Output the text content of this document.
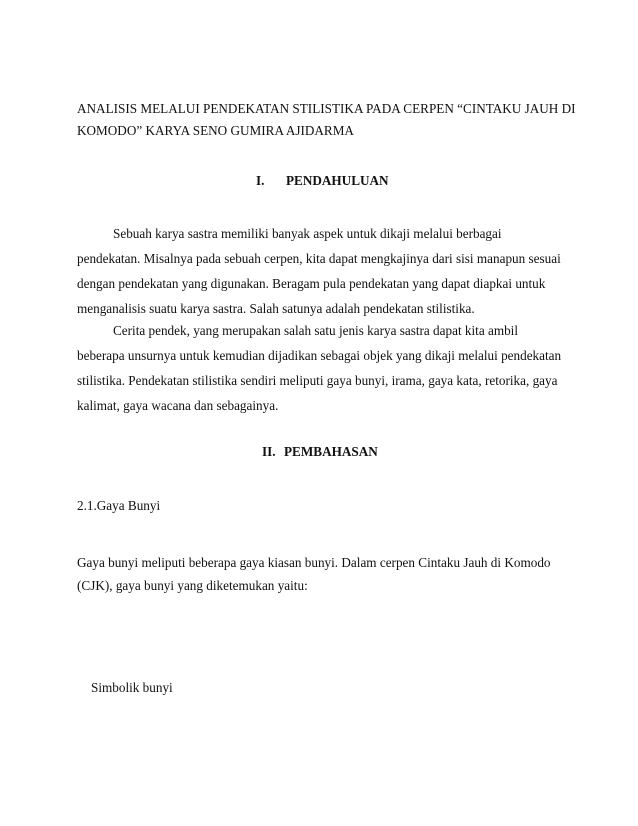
ANALISIS MELALUI PENDEKATAN STILISTIKA PADA CERPEN “CINTAKU JAUH DI KOMODO” KARYA SENO GUMIRA AJIDARMA
I. PENDAHULUAN
Sebuah karya sastra memiliki banyak aspek untuk dikaji melalui berbagai pendekatan. Misalnya pada sebuah cerpen, kita dapat mengkajinya dari sisi manapun sesuai dengan pendekatan yang digunakan. Beragam pula pendekatan yang dapat diapkai untuk menganalisis suatu karya sastra. Salah satunya adalah pendekatan stilistika.
Cerita pendek, yang merupakan salah satu jenis karya sastra dapat kita ambil beberapa unsurnya untuk kemudian dijadikan sebagai objek yang dikaji melalui pendekatan stilistika. Pendekatan stilistika sendiri meliputi gaya bunyi, irama, gaya kata, retorika, gaya kalimat, gaya wacana dan sebagainya.
II. PEMBAHASAN
2.1.Gaya Bunyi
Gaya bunyi meliputi beberapa gaya kiasan bunyi. Dalam cerpen Cintaku Jauh di Komodo (CJK), gaya bunyi yang diketemukan yaitu:
Simbolik bunyi
